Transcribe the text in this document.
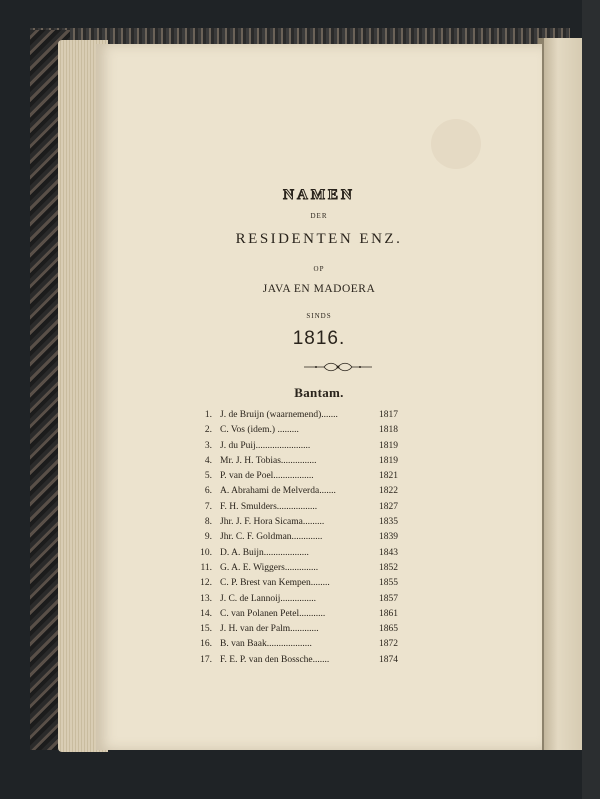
NAMEN
DER
RESIDENTEN ENZ.
OP
JAVA EN MADOERA
SINDS
1816.
Bantam.
1. J. de Bruijn (waarnemend).......	1817
2. C. Vos (idem.) .........	1818
3. J. du Puij.......................	1819
4. Mr. J. H. Tobias...............	1819
5. P. van de Poel.................	1821
6. A. Abrahami de Melverda.......	1822
7. F. H. Smulders.................	1827
8. Jhr. J. F. Hora Sicama.........	1835
9. Jhr. C. F. Goldman.............	1839
10. D. A. Buijn...................	1843
11. G. A. E. Wiggers..............	1852
12. C. P. Brest van Kempen........	1855
13. J. C. de Lannoij...............	1857
14. C. van Polanen Petel...........	1861
15. J. H. van der Palm............	1865
16. B. van Baak...................	1872
17. F. E. P. van den Bossche.......	1874
